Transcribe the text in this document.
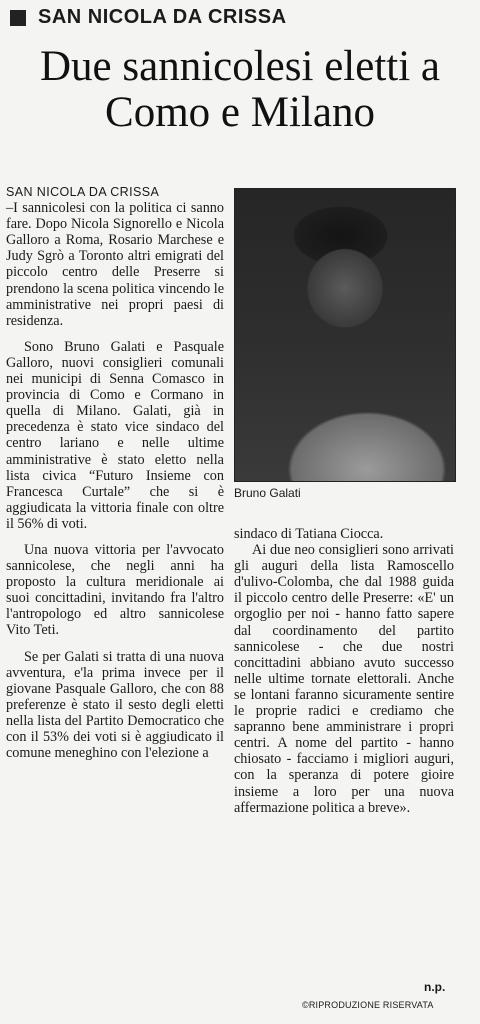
SAN NICOLA DA CRISSA
Due sannicolesi eletti a Como e Milano
SAN NICOLA DA CRISSA

–I sannicolesi con la politica ci sanno fare. Dopo Nicola Signorello e Nicola Galloro a Roma, Rosario Marchese e Judy Sgrò a Toronto altri emigrati del piccolo centro delle Preserre si prendono la scena politica vincendo le amministrative nei propri paesi di residenza.

Sono Bruno Galati e Pasquale Galloro, nuovi consiglieri comunali nei municipi di Senna Comasco in provincia di Como e Cormano in quella di Milano. Galati, già in precedenza è stato vice sindaco del centro lariano e nelle ultime amministrative è stato eletto nella lista civica “Futuro Insieme con Francesca Curtale” che si è aggiudicata la vittoria finale con oltre il 56% di voti.

Una nuova vittoria per l'avvocato sannicolese, che negli anni ha proposto la cultura meridionale ai suoi concittadini, invitando fra l'altro l'antropologo ed altro sannicolese Vito Teti.

Se per Galati si tratta di una nuova avventura, e'la prima invece per il giovane Pasquale Galloro, che con 88 preferenze è stato il sesto degli eletti nella lista del Partito Democratico che con il 53% dei voti si è aggiudicato il comune meneghino con l'elezione a

Bruno Galati

sindaco di Tatiana Ciocca.

Ai due neo consiglieri sono arrivati gli auguri della lista Ramoscello d'ulivo-Colomba, che dal 1988 guida il piccolo centro delle Preserre: «E' un orgoglio per noi - hanno fatto sapere dal coordinamento del partito sannicolese - che due nostri concittadini abbiano avuto successo nelle ultime tornate elettorali. Anche se lontani faranno sicuramente sentire le proprie radici e crediamo che sapranno bene amministrare i propri centri. A nome del partito - hanno chiosato - facciamo i migliori auguri, con la speranza di potere gioire insieme a loro per una nuova affermazione politica a breve».

n.p.
©RIPRODUZIONE RISERVATA
